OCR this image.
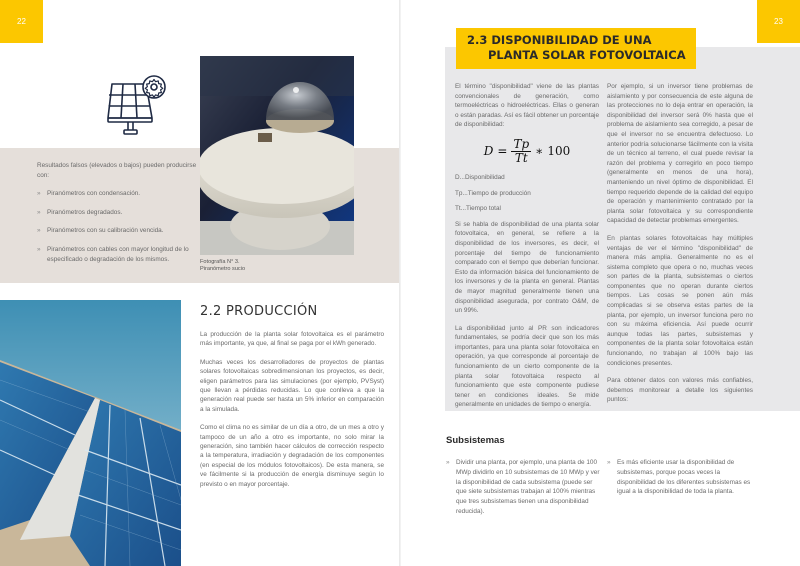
22

Resultados falsos (elevados o bajos) pueden producirse con:

» Piranómetros con condensación.
» Piranómetros degradados.
» Piranómetros con su calibración vencida.
» Piranómetros con cables con mayor longitud de lo especificado o degradación de los mismos.	Fotografía N° 3.
Piranómetro sucio
2.2 PRODUCCIÓN

La producción de la planta solar fotovoltaica es el parámetro más importante, ya que, al final se paga por el kWh generado.

Muchas veces los desarrolladores de proyectos de plantas solares fotovoltaicas sobredimensionan los proyectos, es decir, eligen parámetros para las simulaciones (por ejemplo, PVSyst) que llevan a pérdidas reducidas. Lo que conlleva a que la generación real puede ser hasta un 5% inferior en comparación a la simulada.

Como el clima no es similar de un día a otro, de un mes a otro y tampoco de un año a otro es importante, no solo mirar la generación, sino también hacer cálculos de corrección respecto a la temperatura, irradiación y degradación de los componentes (en especial de los módulos fotovoltaicos). De esta manera, se ve fácilmente si la producción de energía disminuye según lo previsto o en mayor porcentaje.

23
2.3 DISPONIBILIDAD DE UNA
PLANTA SOLAR FOTOVOLTAICA

El término "disponibilidad" viene de las plantas convencionales de generación, como termoeléctricas o hidroeléctricas. Ellas o generan o están paradas. Así es fácil obtener un porcentaje de disponibilidad:

$D = \frac{Tp}{Tt}$ ∗ 100

D...Disponibilidad

Tp...Tiempo de producción

Tt...Tiempo total

Si se habla de disponibilidad de una planta solar fotovoltaica, en general, se refiere a la disponibilidad de los inversores, es decir, el porcentaje del tiempo de funcionamiento comparado con el tiempo que deberían funcionar. Esto da información básica del funcionamiento de los inversores y de la planta en general. Plantas de mayor magnitud generalmente tienen una disponibilidad asegurada, por contrato O&M, de un 99%.

La disponibilidad junto al PR son indicadores fundamentales, se podría decir que son los más importantes, para una planta solar fotovoltaica en operación, ya que corresponde al porcentaje de funcionamiento de un cierto componente de la planta solar fotovoltaica respecto al funcionamiento que este componente pudiese tener en condiciones ideales. Se mide generalmente en unidades de tiempo o energía.

Por ejemplo, si un inversor tiene problemas de aislamiento y por consecuencia de este alguna de las protecciones no lo deja entrar en operación, la disponibilidad del inversor será 0% hasta que el problema de aislamiento sea corregido, a pesar de que el inversor no se encuentra defectuoso. Lo anterior podría solucionarse fácilmente con la visita de un técnico al terreno, el cual puede revisar la razón del problema y corregirlo en poco tiempo (generalmente en menos de una hora), manteniendo un nivel óptimo de disponibilidad. El tiempo requerido depende de la calidad del equipo de operación y mantenimiento contratado por la planta solar fotovoltaica y su correspondiente capacidad de detectar problemas emergentes.

En plantas solares fotovoltaicas hay múltiples ventajas de ver el término "disponibilidad" de manera más amplia. Generalmente no es el sistema completo que opera o no, muchas veces son partes de la planta, subsistemas o ciertos componentes que no operan durante ciertos tiempos. Las cosas se ponen aún más complicadas si se observa estas partes de la planta, por ejemplo, un inversor funciona pero no con su máxima eficiencia. Así puede ocurrir aunque todas las partes, subsistemas y componentes de la planta solar fotovoltaica están funcionando, no trabajan al 100% bajo las condiciones presentes.

Para obtener datos con valores más confiables, debemos monitorear a detalle los siguientes puntos:

Subsistemas
» Dividir una planta, por ejemplo, una planta de 100 MWp dividirlo en 10 subsistemas de 10 MWp y ver la disponibilidad de cada subsistema (puede ser que siete subsistemas trabajan al 100% mientras que tres subsistemas tienen una disponibilidad reducida).
» Es más eficiente usar la disponibilidad de subsistemas, porque pocas veces la disponibilidad de los diferentes subsistemas es igual a la disponibilidad de toda la planta.
